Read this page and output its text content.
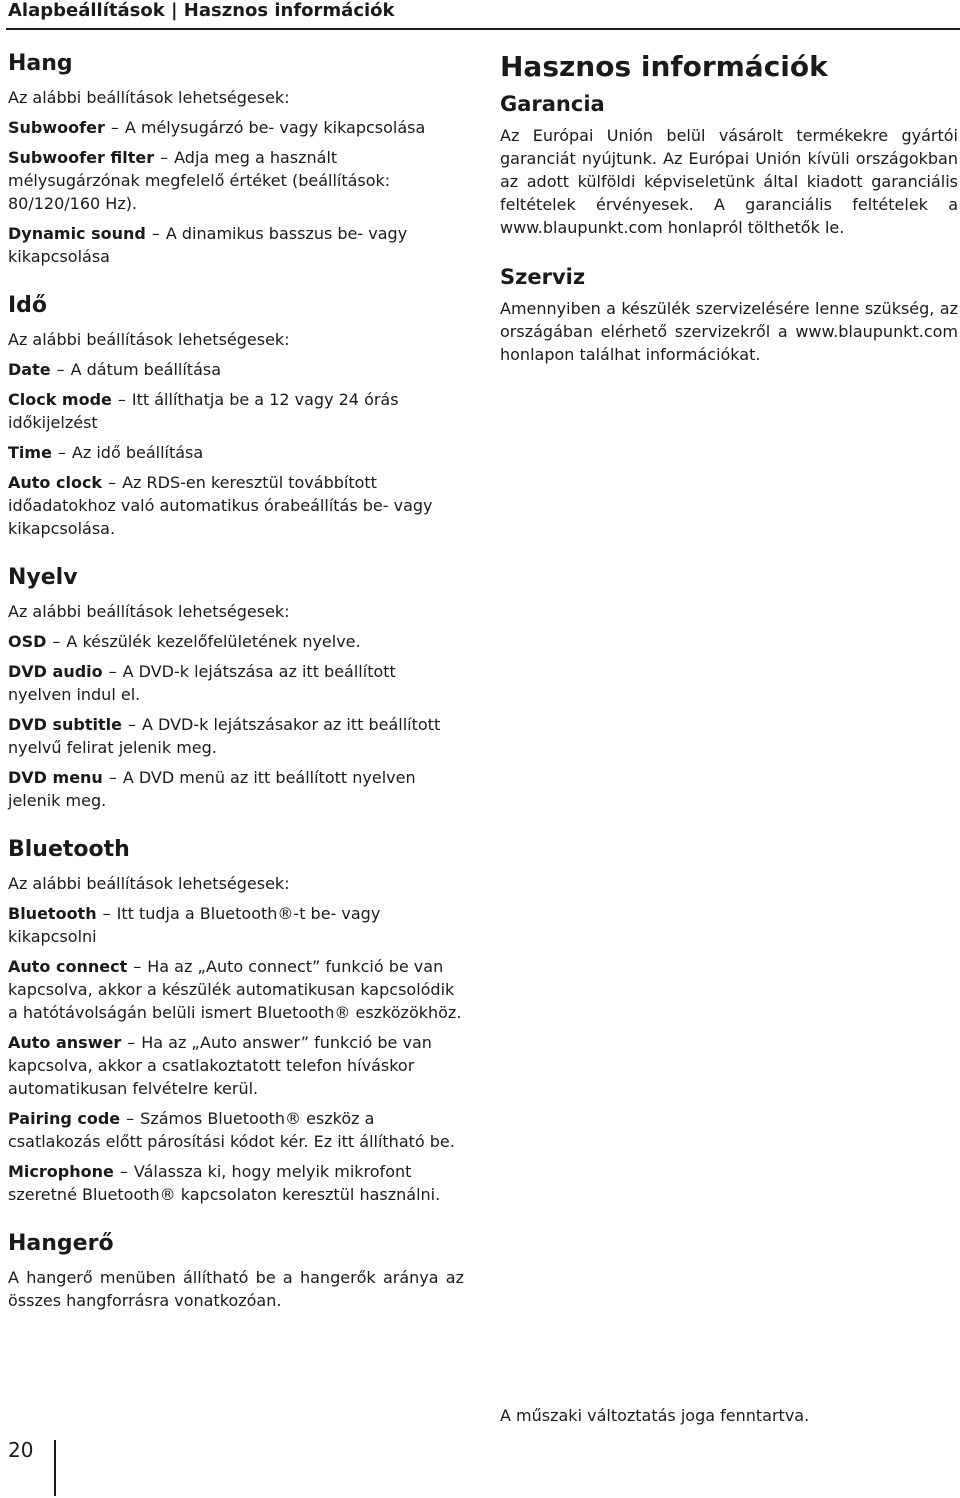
Alapbeállítások | Hasznos információk
Hang

Az alábbi beállítások lehetségesek:

Subwoofer – A mélysugárzó be- vagy kikapcsolása
Subwoofer filter – Adja meg a használt mélysugárzónak megfelelő értéket (beállítások: 80/120/160 Hz).
Dynamic sound – A dinamikus basszus be- vagy kikapcsolása
Idő

Az alábbi beállítások lehetségesek:

Date – A dátum beállítása
Clock mode – Itt állíthatja be a 12 vagy 24 órás időkijelzést
Time – Az idő beállítása
Auto clock – Az RDS-en keresztül továbbított időadatokhoz való automatikus órabeállítás be- vagy kikapcsolása.
Nyelv

Az alábbi beállítások lehetségesek:

OSD – A készülék kezelőfelületének nyelve.
DVD audio – A DVD-k lejátszása az itt beállított nyelven indul el.
DVD subtitle – A DVD-k lejátszásakor az itt beállított nyelvű felirat jelenik meg.
DVD menu – A DVD menü az itt beállított nyelven jelenik meg.
Bluetooth

Az alábbi beállítások lehetségesek:

Bluetooth – Itt tudja a Bluetooth®-t be- vagy kikapcsolni
Auto connect – Ha az „Auto connect” funkció be van kapcsolva, akkor a készülék automatikusan kapcsolódik a hatótávolságán belüli ismert Bluetooth® eszközökhöz.
Auto answer – Ha az „Auto answer” funkció be van kapcsolva, akkor a csatlakoztatott telefon híváskor automatikusan felvételre kerül.
Pairing code – Számos Bluetooth® eszköz a csatlakozás előtt párosítási kódot kér. Ez itt állítható be.
Microphone – Válassza ki, hogy melyik mikrofont szeretné Bluetooth® kapcsolaton keresztül használni.
Hangerő

A hangerő menüben állítható be a hangerők aránya az összes hangforrásra vonatkozóan.

Hasznos információk
Garancia

Az Európai Unión belül vásárolt termékekre gyártói garanciát nyújtunk. Az Európai Unión kívüli országokban az adott külföldi képviseletünk által kiadott garanciális feltételek érvényesek. A garanciális feltételek a www.blaupunkt.com honlapról tölthetők le.

Szerviz

Amennyiben a készülék szervizelésére lenne szükség, az országában elérhető szervizekről a www.blaupunkt.com honlapon találhat információkat.

A műszaki változtatás joga fenntartva.
20
